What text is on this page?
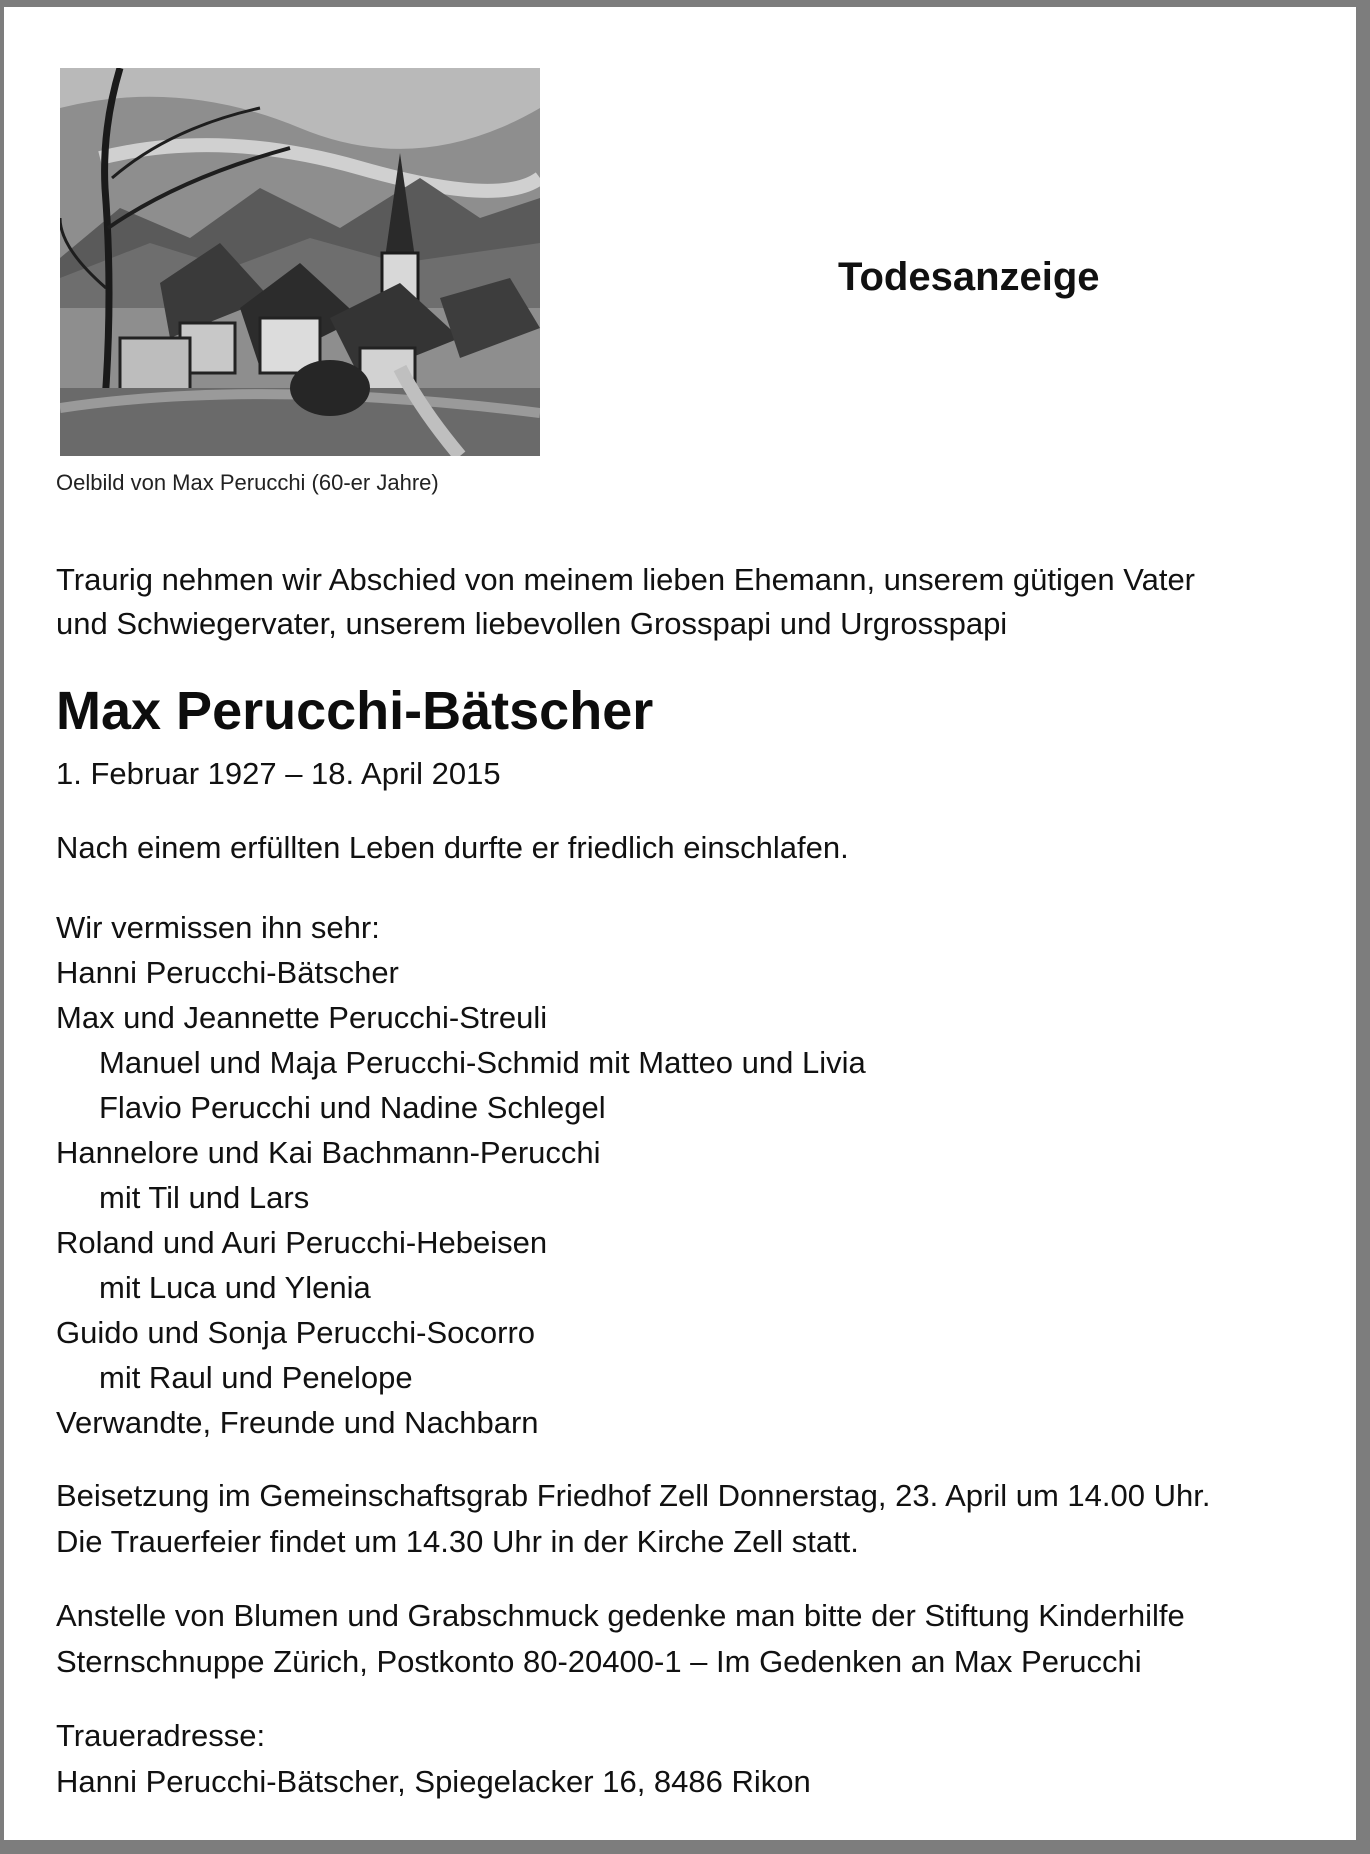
Oelbild von Max Perucchi (60-er Jahre)
Todesanzeige
Traurig nehmen wir Abschied von meinem lieben Ehemann, unserem gütigen Vater
und Schwiegervater, unserem liebevollen Grosspapi und Urgrosspapi
Max Perucchi-Bätscher
1. Februar 1927 – 18. April 2015
Nach einem erfüllten Leben durfte er friedlich einschlafen.
Wir vermissen ihn sehr:
Hanni Perucchi-Bätscher
Max und Jeannette Perucchi-Streuli
Manuel und Maja Perucchi-Schmid mit Matteo und Livia
Flavio Perucchi und Nadine Schlegel
Hannelore und Kai Bachmann-Perucchi
mit Til und Lars
Roland und Auri Perucchi-Hebeisen
mit Luca und Ylenia
Guido und Sonja Perucchi-Socorro
mit Raul und Penelope
Verwandte, Freunde und Nachbarn
Beisetzung im Gemeinschaftsgrab Friedhof Zell Donnerstag, 23. April um 14.00 Uhr.
Die Trauerfeier findet um 14.30 Uhr in der Kirche Zell statt.
Anstelle von Blumen und Grabschmuck gedenke man bitte der Stiftung Kinderhilfe
Sternschnuppe Zürich, Postkonto 80-20400-1 – Im Gedenken an Max Perucchi
Traueradresse:
Hanni Perucchi-Bätscher, Spiegelacker 16, 8486 Rikon
